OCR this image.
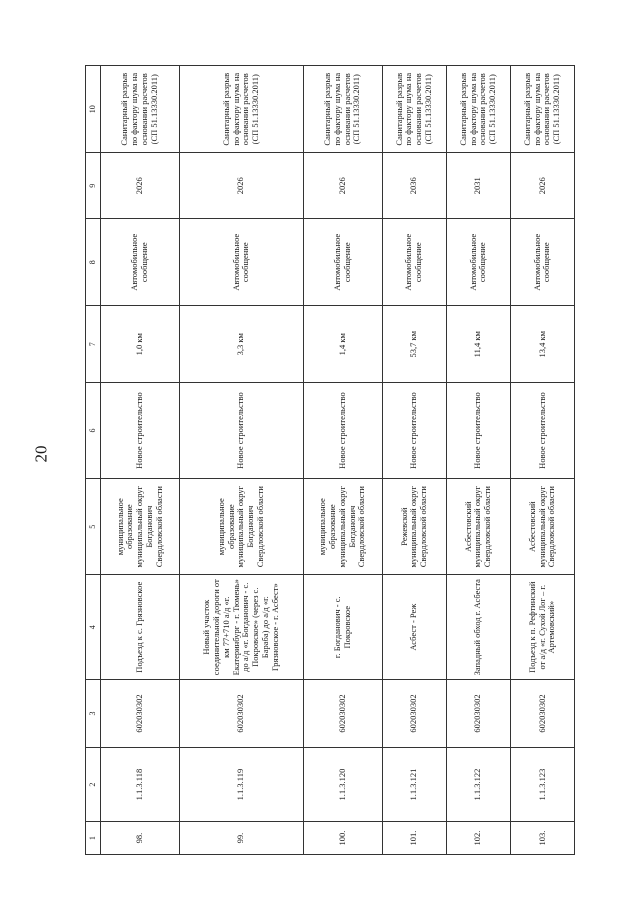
20
1	2	3	4	5	6	7	8	9	10
98.	1.1.3.118	602030302	Подъезд к с. Грязновское	муниципальное образование муниципальный округ Богданович Свердловской области	Новое строительство	1,0 км	Автомобильное сообщение	2026	Санитарный разрыв по фактору шума на основании расчетов (СП 51.13330.2011)
99.	1.1.3.119	602030302	Новый участок соединительной дороги от км 77+710 а/д «г. Екатеринбург - г. Тюмень» до а/д «г. Богданович - с. Покровское» (через с. Бараба) до а/д «г. Грязновское - г. Асбест»	муниципальное образование муниципальный округ Богданович Свердловской области	Новое строительство	3,3 км	Автомобильное сообщение	2026	Санитарный разрыв по фактору шума на основании расчетов (СП 51.13330.2011)
100.	1.1.3.120	602030302	г. Богданович - с. Покровское	муниципальное образование муниципальный округ Богданович Свердловской области	Новое строительство	1,4 км	Автомобильное сообщение	2026	Санитарный разрыв по фактору шума на основании расчетов (СП 51.13330.2011)
101.	1.1.3.121	602030302	Асбест - Реж	Режевской муниципальный округ Свердловской области	Новое строительство	53,7 км	Автомобильное сообщение	2036	Санитарный разрыв по фактору шума на основании расчетов (СП 51.13330.2011)
102.	1.1.3.122	602030302	Западный обход г. Асбеста	Асбестовский муниципальный округ Свердловской области	Новое строительство	11,4 км	Автомобильное сообщение	2031	Санитарный разрыв по фактору шума на основании расчетов (СП 51.13330.2011)
103.	1.1.3.123	602030302	Подъезд к п. Рефтинский от а/д «г. Сухой Лог – г. Артемовский»	Асбестовский муниципальный округ Свердловской области	Новое строительство	13,4 км	Автомобильное сообщение	2026	Санитарный разрыв по фактору шума на основании расчетов (СП 51.13330.2011)
